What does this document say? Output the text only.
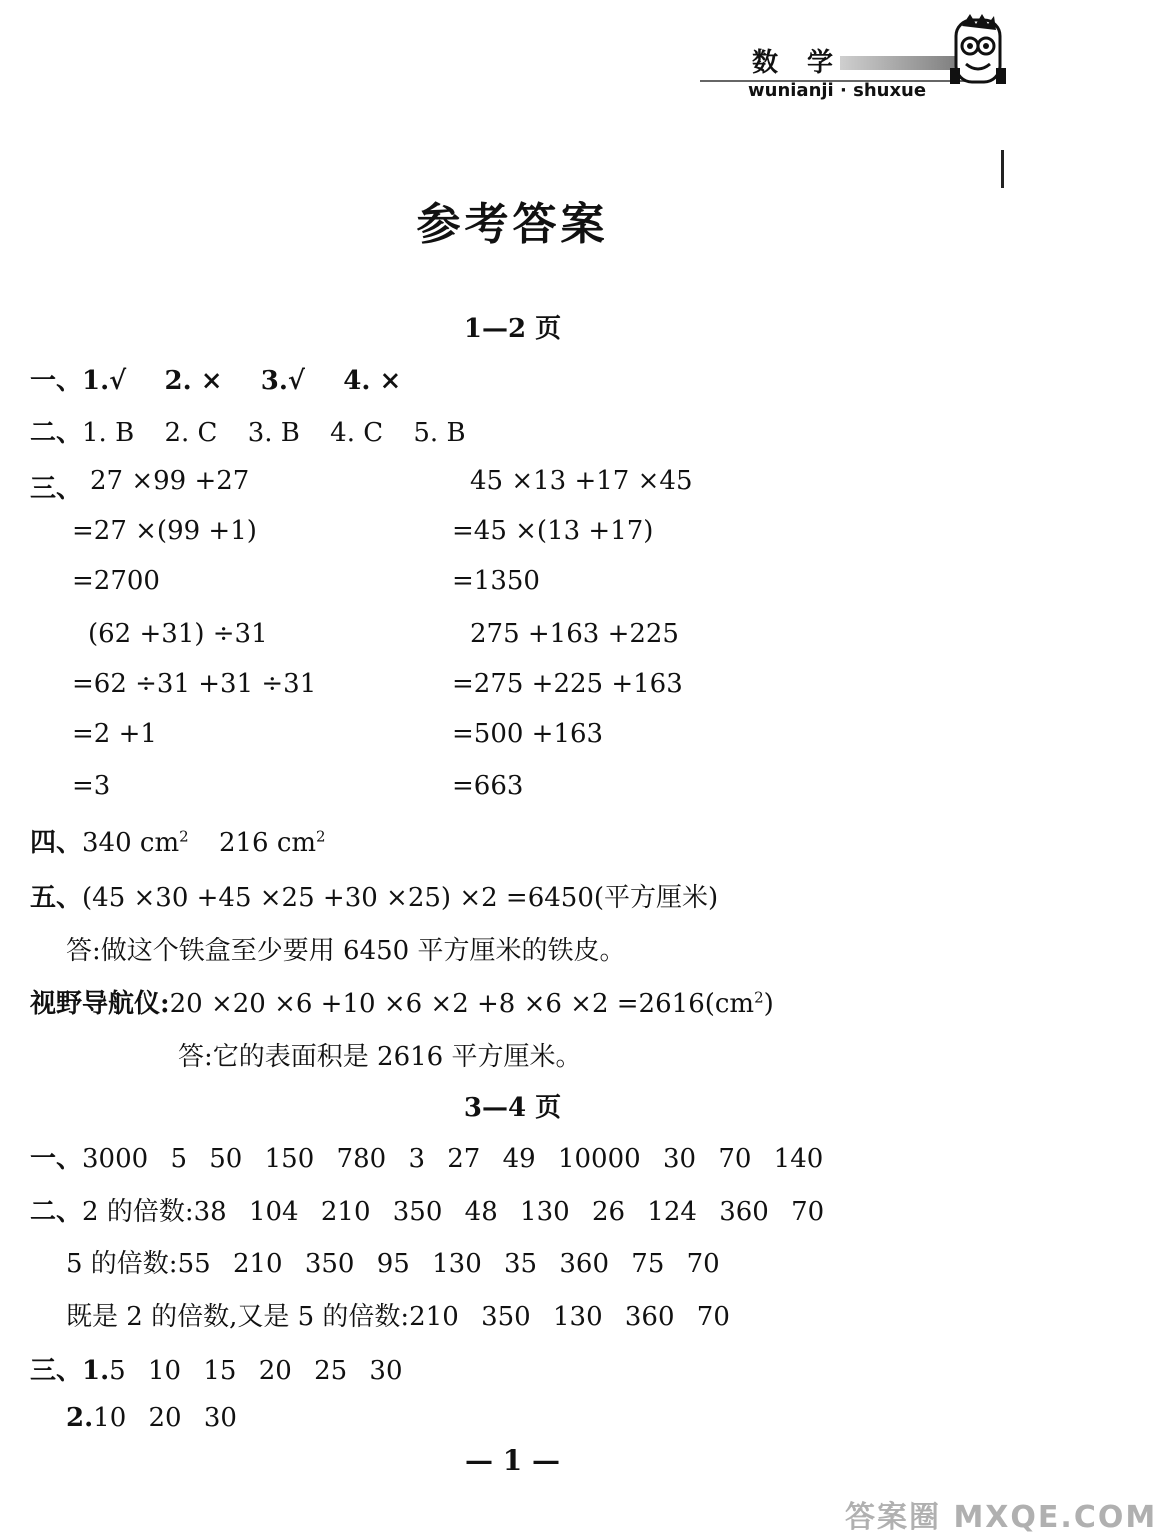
数 学
wunianji · shuxue
参考答案
1—2 页
一、1.√ 2. × 3.√ 4. ×
二、1. B 2. C 3. B 4. C 5. B
三、 27 ×99 +27
=27 ×(99 +1)
=2700
(62 +31) ÷31
=62 ÷31 +31 ÷31
=2 +1
=3
45 ×13 +17 ×45
=45 ×(13 +17)
=1350
275 +163 +225
=275 +225 +163
=500 +163
=663
四、340 $cm^2$ 216 $cm^2$
五、(45 ×30 +45 ×25 +30 ×25) ×2 =6450(平方厘米)
答:做这个铁盒至少要用 6450 平方厘米的铁皮。
视野导航仪:20 $\times 20 \times 6 +10 \times 6 \times 2 +8 \times 6 \times 2 =2616(cm^2)$
答:它的表面积是 2616 平方厘米。
3—4 页
一、3000 5 50 150 780 3 27 49 10000 30 70 140
二、2 的倍数:38 104 210 350 48 130 26 124 360 70
5 的倍数:55 210 350 95 130 35 360 75 70
既是 2 的倍数,又是 5 的倍数:210 350 130 360 70
三、1.5 10 15 20 25 30
2.10 20 30
— 1 —
答案圈 MXQE.COM
